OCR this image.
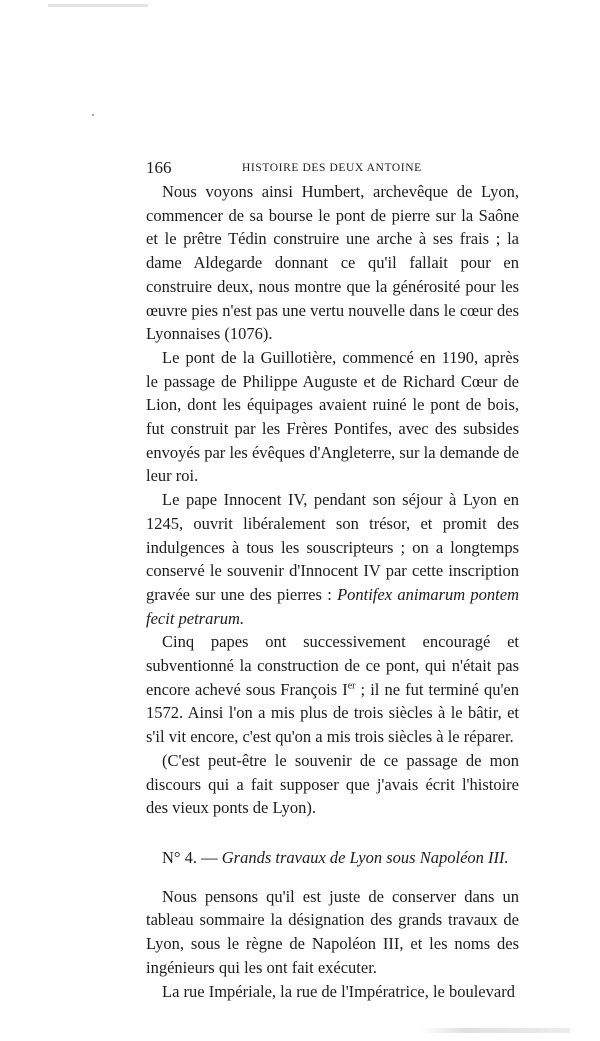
166	HISTOIRE DES DEUX ANTOINE

Nous voyons ainsi Humbert, archevêque de Lyon, commencer de sa bourse le pont de pierre sur la Saône et le prêtre Tédin construire une arche à ses frais ; la dame Aldegarde donnant ce qu'il fallait pour en construire deux, nous montre que la générosité pour les œuvre pies n'est pas une vertu nouvelle dans le cœur des Lyonnaises (1076).

Le pont de la Guillotière, commencé en 1190, après le passage de Philippe Auguste et de Richard Cœur de Lion, dont les équipages avaient ruiné le pont de bois, fut construit par les Frères Pontifes, avec des subsides envoyés par les évêques d'Angleterre, sur la demande de leur roi.

Le pape Innocent IV, pendant son séjour à Lyon en 1245, ouvrit libéralement son trésor, et promit des indulgences à tous les souscripteurs ; on a longtemps conservé le souvenir d'Innocent IV par cette inscription gravée sur une des pierres : Pontifex animarum pontem fecit petrarum.

Cinq papes ont successivement encouragé et subventionné la construction de ce pont, qui n'était pas encore achevé sous François Ier ; il ne fut terminé qu'en 1572. Ainsi l'on a mis plus de trois siècles à le bâtir, et s'il vit encore, c'est qu'on a mis trois siècles à le réparer.

(C'est peut-être le souvenir de ce passage de mon discours qui a fait supposer que j'avais écrit l'histoire des vieux ponts de Lyon).

N° 4. — Grands travaux de Lyon sous Napoléon III.

Nous pensons qu'il est juste de conserver dans un tableau sommaire la désignation des grands travaux de Lyon, sous le règne de Napoléon III, et les noms des ingénieurs qui les ont fait exécuter.

La rue Impériale, la rue de l'Impératrice, le boulevard
